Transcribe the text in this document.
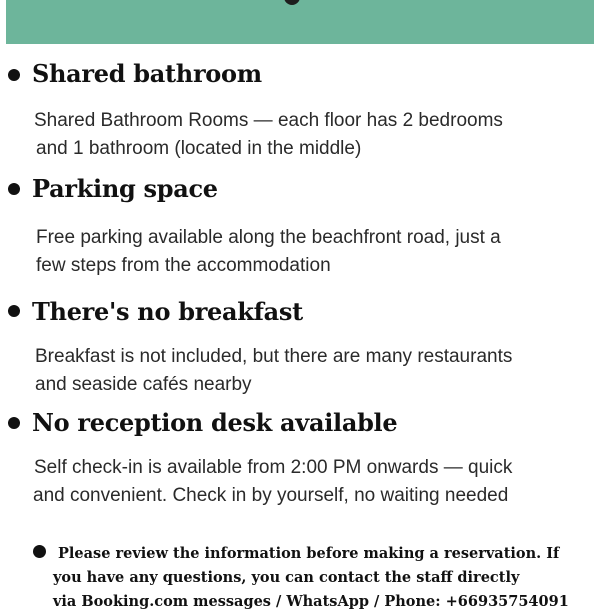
Shared bathroom

Shared Bathroom Rooms — each floor has 2 bedrooms
and 1 bathroom (located in the middle)

Parking space

Free parking available along the beachfront road, just a
few steps from the accommodation

There's no breakfast

Breakfast is not included, but there are many restaurants
and seaside cafés nearby

No reception desk available

Self check-in is available from 2:00 PM onwards — quick
and convenient. Check in by yourself, no waiting needed

Please review the information before making a reservation. If
you have any questions, you can contact the staff directly
via Booking.com messages / WhatsApp / Phone: +66935754091
